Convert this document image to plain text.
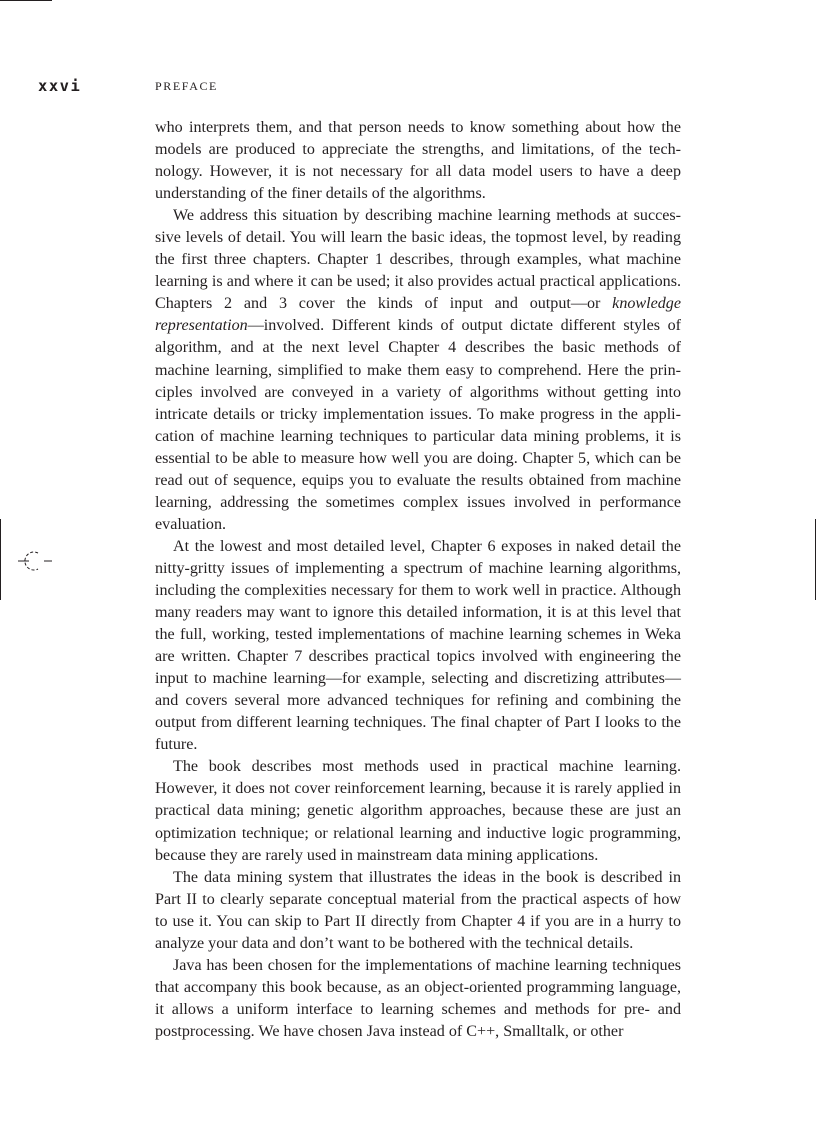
xxvi	PREFACE

who interprets them, and that person needs to know something about how the models are produced to appreciate the strengths, and limitations, of the technology. However, it is not necessary for all data model users to have a deep understanding of the finer details of the algorithms.

We address this situation by describing machine learning methods at successive levels of detail. You will learn the basic ideas, the topmost level, by reading the first three chapters. Chapter 1 describes, through examples, what machine learning is and where it can be used; it also provides actual practical applications. Chapters 2 and 3 cover the kinds of input and output—or knowledge representation—involved. Different kinds of output dictate different styles of algorithm, and at the next level Chapter 4 describes the basic methods of machine learning, simplified to make them easy to comprehend. Here the principles involved are conveyed in a variety of algorithms without getting into intricate details or tricky implementation issues. To make progress in the application of machine learning techniques to particular data mining problems, it is essential to be able to measure how well you are doing. Chapter 5, which can be read out of sequence, equips you to evaluate the results obtained from machine learning, addressing the sometimes complex issues involved in performance evaluation.

At the lowest and most detailed level, Chapter 6 exposes in naked detail the nitty-gritty issues of implementing a spectrum of machine learning algorithms, including the complexities necessary for them to work well in practice. Although many readers may want to ignore this detailed information, it is at this level that the full, working, tested implementations of machine learning schemes in Weka are written. Chapter 7 describes practical topics involved with engineering the input to machine learning—for example, selecting and discretizing attributes—and covers several more advanced techniques for refining and combining the output from different learning techniques. The final chapter of Part I looks to the future.

The book describes most methods used in practical machine learning. However, it does not cover reinforcement learning, because it is rarely applied in practical data mining; genetic algorithm approaches, because these are just an optimization technique; or relational learning and inductive logic programming, because they are rarely used in mainstream data mining applications.

The data mining system that illustrates the ideas in the book is described in Part II to clearly separate conceptual material from the practical aspects of how to use it. You can skip to Part II directly from Chapter 4 if you are in a hurry to analyze your data and don’t want to be bothered with the technical details.

Java has been chosen for the implementations of machine learning techniques that accompany this book because, as an object-oriented programming language, it allows a uniform interface to learning schemes and methods for pre- and postprocessing. We have chosen Java instead of C++, Smalltalk, or other
